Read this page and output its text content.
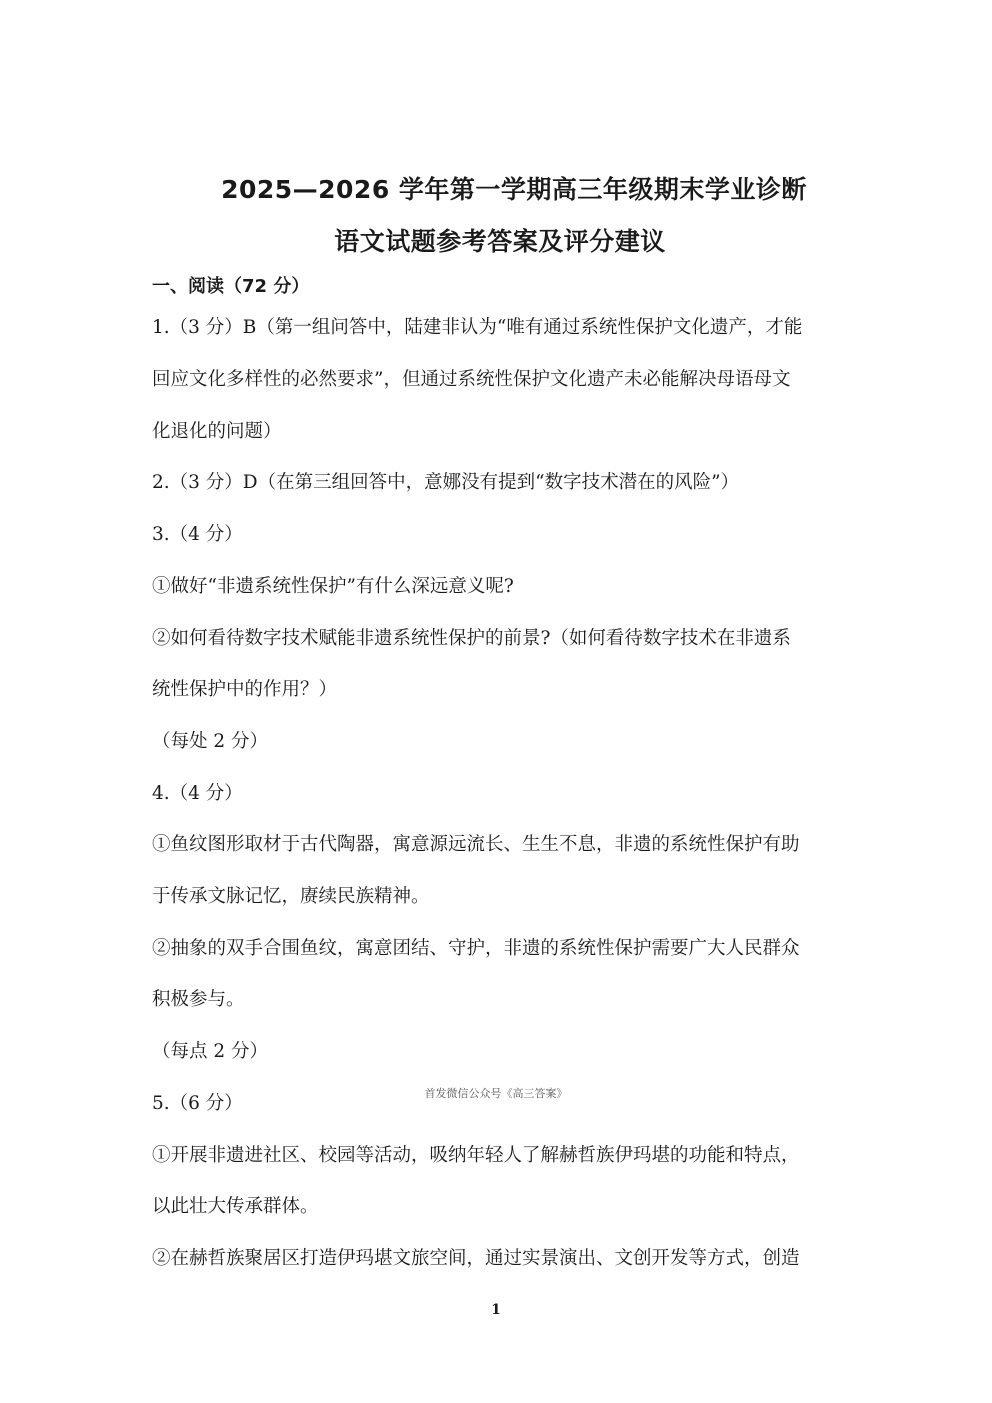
2025—2026 学年第一学期高三年级期末学业诊断
语文试题参考答案及评分建议
一、阅读（72 分）
1.（3 分）B（第一组问答中，陆建非认为“唯有通过系统性保护文化遗产，才能
回应文化多样性的必然要求”，但通过系统性保护文化遗产未必能解决母语母文
化退化的问题）
2.（3 分）D（在第三组回答中，意娜没有提到“数字技术潜在的风险”）
3.（4 分）
①做好“非遗系统性保护”有什么深远意义呢?
②如何看待数字技术赋能非遗系统性保护的前景?（如何看待数字技术在非遗系
统性保护中的作用？）
（每处 2 分）
4.（4 分）
①鱼纹图形取材于古代陶器，寓意源远流长、生生不息，非遗的系统性保护有助
于传承文脉记忆，赓续民族精神。
②抽象的双手合围鱼纹，寓意团结、守护，非遗的系统性保护需要广大人民群众
积极参与。
（每点 2 分）
5.（6 分）
①开展非遗进社区、校园等活动，吸纳年轻人了解赫哲族伊玛堪的功能和特点，
以此壮大传承群体。
②在赫哲族聚居区打造伊玛堪文旅空间，通过实景演出、文创开发等方式，创造
首发微信公众号《高三答案》
1
